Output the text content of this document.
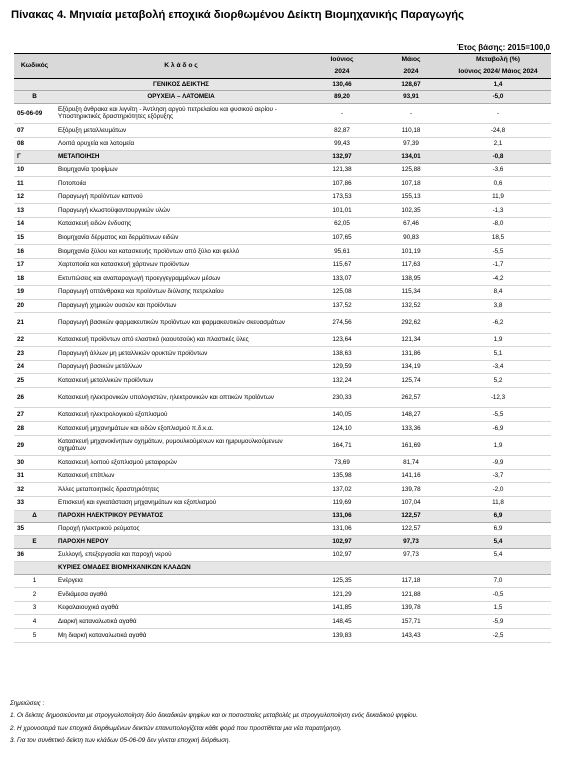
Πίνακας 4. Μηνιαία μεταβολή εποχικά διορθωμένου Δείκτη Βιομηχανικής Παραγωγής
Έτος βάσης: 2015=100,0
Κωδικός	Κ λ ά δ ο ς	Ιούνιος	Μάιος	Μεταβολή (%)
		2024	2024	Ιούνιος 2024/ Μάιος 2024
	ΓΕΝΙΚΟΣ ΔΕΙΚΤΗΣ	130,46	128,67	1,4
Β	ΟΡΥΧΕΙΑ – ΛΑΤΟΜΕΙΑ	89,20	93,91	-5,0
05-06-09	Εξόρυξη άνθρακα και λιγνίτη - Άντληση αργού πετρελαίου και φυσικού αερίου - Υποστηρικτικές δραστηριότητες εξόρυξης	-	-	-
07	Εξόρυξη μεταλλευμάτων	82,87	110,18	-24,8
08	Λοιπά ορυχεία και λατομεία	99,43	97,39	2,1
Γ	ΜΕΤΑΠΟΙΗΣΗ	132,97	134,01	-0,8
10	Βιομηχανία τροφίμων	121,38	125,88	-3,6
11	Ποτοποιία	107,86	107,18	0,6
12	Παραγωγή προϊόντων καπνού	173,53	155,13	11,9
13	Παραγωγή κλωστοϋφαντουργικών υλών	101,01	102,35	-1,3
14	Κατασκευή ειδών ένδυσης	62,05	67,46	-8,0
15	Βιομηχανία δέρματος και δερμάτινων ειδών	107,65	90,83	18,5
16	Βιομηχανία ξύλου και κατασκευής προϊόντων από ξύλο και φελλό	95,61	101,19	-5,5
17	Χαρτοποιία και κατασκευή χάρτινων προϊόντων	115,67	117,63	-1,7
18	Εκτυπώσεις και αναπαραγωγή προεγγεγραμμένων μέσων	133,07	138,95	-4,2
19	Παραγωγή οπτάνθρακα και προϊόντων διύλισης πετρελαίου	125,08	115,34	8,4
20	Παραγωγή χημικών ουσιών και προϊόντων	137,52	132,52	3,8
21	Παραγωγή βασικών φαρμακευτικών προϊόντων και φαρμακευτικών σκευασμάτων	274,56	292,62	-6,2
22	Κατασκευή προϊόντων από ελαστικό (καουτσούκ) και πλαστικές ύλες	123,64	121,34	1,9
23	Παραγωγή άλλων μη μεταλλικών ορυκτών προϊόντων	138,63	131,86	5,1
24	Παραγωγή βασικών μετάλλων	129,59	134,19	-3,4
25	Κατασκευή μεταλλικών προϊόντων	132,24	125,74	5,2
26	Κατασκευή ηλεκτρονικών υπολογιστών, ηλεκτρονικών και οπτικών προϊόντων	230,33	262,57	-12,3
27	Κατασκευή ηλεκτρολογικού εξοπλισμού	140,05	148,27	-5,5
28	Κατασκευή μηχανημάτων και ειδών εξοπλισμού π.δ.κ.α.	124,10	133,36	-6,9
29	Κατασκευή μηχανοκίνητων οχημάτων, ρυμουλκούμενων και ημιρυμουλκούμενων οχημάτων	164,71	161,69	1,9
30	Κατασκευή λοιπού εξοπλισμού μεταφορών	73,69	81,74	-9,9
31	Κατασκευή επίπλων	135,98	141,16	-3,7
32	Άλλες μεταποιητικές δραστηριότητες	137,02	139,78	-2,0
33	Επισκευή και εγκατάσταση μηχανημάτων και εξοπλισμού	119,69	107,04	11,8
Δ	ΠΑΡΟΧΗ ΗΛΕΚΤΡΙΚΟΥ ΡΕΥΜΑΤΟΣ	131,06	122,57	6,9
35	Παροχή ηλεκτρικού ρεύματος	131,06	122,57	6,9
Ε	ΠΑΡΟΧΗ ΝΕΡΟΥ	102,97	97,73	5,4
36	Συλλογή, επεξεργασία και παροχή νερού	102,97	97,73	5,4
	ΚΥΡΙΕΣ ΟΜΑΔΕΣ ΒΙΟΜΗΧΑΝΙΚΩΝ ΚΛΑΔΩΝ			
1	Ενέργεια	125,35	117,18	7,0
2	Ενδιάμεσα αγαθά	121,29	121,88	-0,5
3	Κεφαλαιουχικά αγαθά	141,85	139,78	1,5
4	Διαρκή καταναλωτικά αγαθά	148,45	157,71	-5,9
5	Μη διαρκή καταναλωτικά αγαθά	139,83	143,43	-2,5
Σημειώσεις :
1. Οι δείκτες δημοσιεύονται με στρογγυλοποίηση δύο δεκαδικών ψηφίων και οι ποσοστιαίες μεταβολές με στρογγυλοποίηση ενός δεκαδικού ψηφίου.
2. Η χρονοσειρά των εποχικά διορθωμένων δεικτών επανυπολογίζεται κάθε φορά που προστίθεται μια νέα παρατήρηση.
3. Για τον συνθετικό δείκτη των κλάδων 05-06-09 δεν γίνεται εποχική διόρθωση.
